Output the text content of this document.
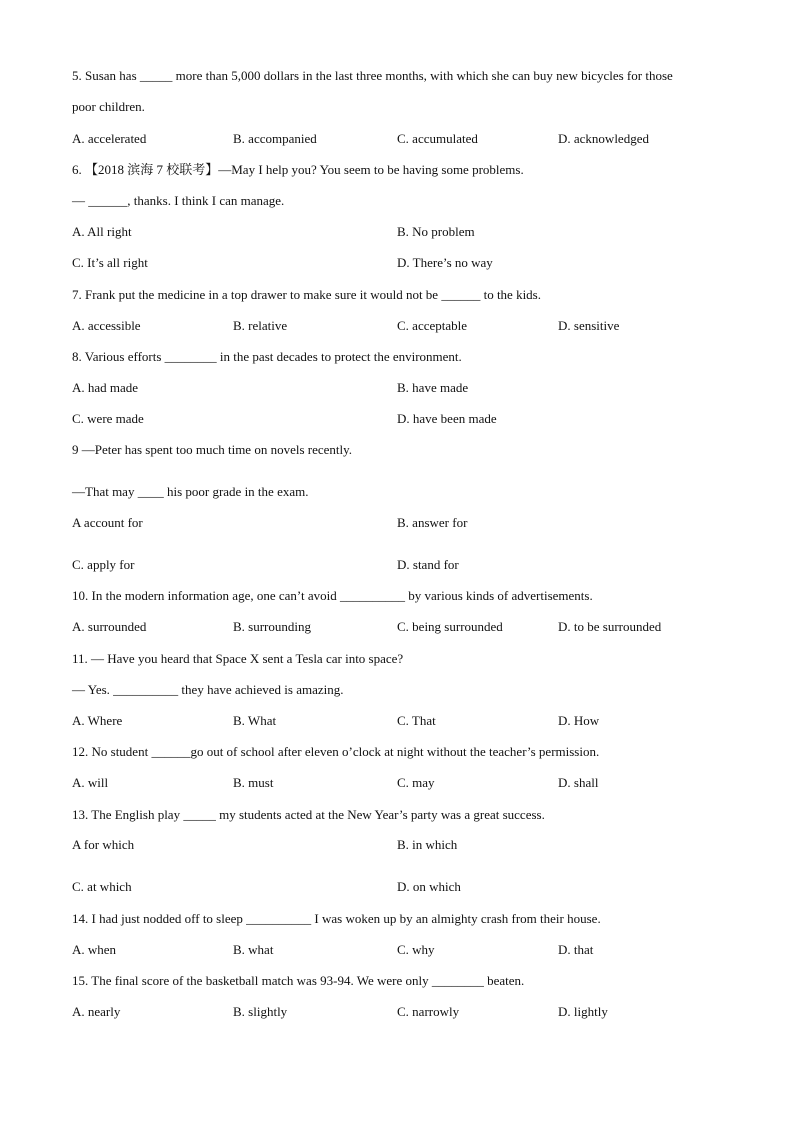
5. Susan has _____ more than 5,000 dollars in the last three months, with which she can buy new bicycles for those
poor children.
A. accelerated	B. accompanied	C. accumulated	D. acknowledged
6. 【2018 滨海 7 校联考】—May I help you? You seem to be having some problems.
— ______, thanks. I think I can manage.
A. All right	B. No problem
C. It’s all right	D. There’s no way
7. Frank put the medicine in a top drawer to make sure it would not be ______ to the kids.
A. accessible	B. relative	C. acceptable	D. sensitive
8. Various efforts ________ in the past decades to protect the environment.
A. had made	B. have made
C. were made	D. have been made
9 —Peter has spent too much time on novels recently.
—That may ____ his poor grade in the exam.
A account for	B. answer for
C. apply for	D. stand for
10. In the modern information age, one can’t avoid __________ by various kinds of advertisements.
A. surrounded	B. surrounding	C. being surrounded	D. to be surrounded
11. — Have you heard that Space X sent a Tesla car into space?
— Yes. __________ they have achieved is amazing.
A. Where	B. What	C. That	D. How
12. No student ______go out of school after eleven o’clock at night without the teacher’s permission.
A. will	B. must	C. may	D. shall
13. The English play _____ my students acted at the New Year’s party was a great success.
A for which	B. in which
C. at which	D. on which
14. I had just nodded off to sleep __________ I was woken up by an almighty crash from their house.
A. when	B. what	C. why	D. that
15. The final score of the basketball match was 93-94. We were only ________ beaten.
A. nearly	B. slightly	C. narrowly	D. lightly
